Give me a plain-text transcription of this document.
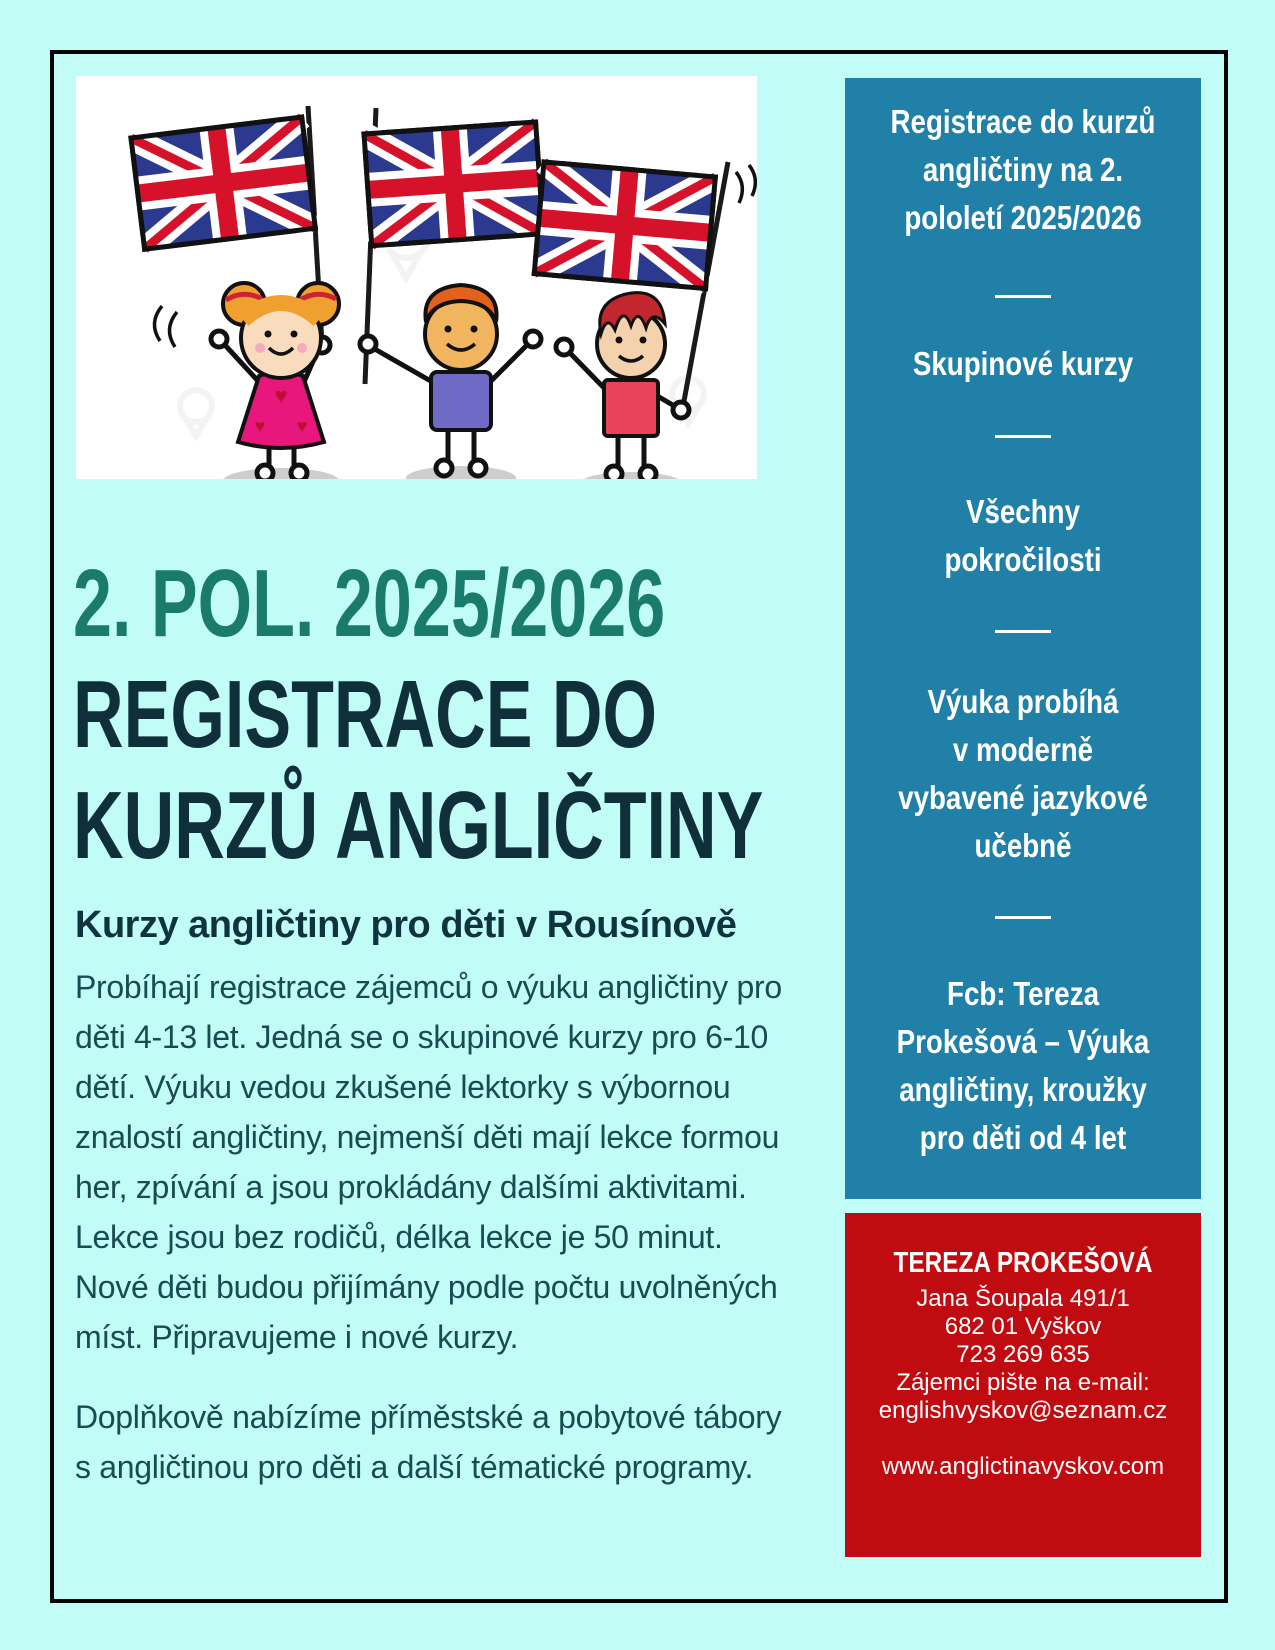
♥
♥ ♥
2. POL. 2025/2026
REGISTRACE DO
KURZŮ ANGLIČTINY
Kurzy angličtiny pro děti v Rousínově
Probíhají registrace zájemců o výuku angličtiny pro
děti 4-13 let. Jedná se o skupinové kurzy pro 6-10
dětí. Výuku vedou zkušené lektorky s výbornou
znalostí angličtiny, nejmenší děti mají lekce formou
her, zpívání a jsou prokládány dalšími aktivitami.
Lekce jsou bez rodičů, délka lekce je 50 minut.
Nové děti budou přijímány podle počtu uvolněných
míst. Připravujeme i nové kurzy.
Doplňkově nabízíme příměstské a pobytové tábory
s angličtinou pro děti a další tématické programy.
Registrace do kurzů
angličtiny na 2.
pololetí 2025/2026
Skupinové kurzy
Všechny
pokročilosti
Výuka probíhá
v moderně
vybavené jazykové
učebně
Fcb: Tereza
Prokešová – Výuka
angličtiny, kroužky
pro děti od 4 let
TEREZA PROKEŠOVÁ
Jana Šoupala 491/1
682 01 Vyškov
723 269 635
Zájemci pište na e-mail:
englishvyskov@seznam.cz
www.anglictinavyskov.com
